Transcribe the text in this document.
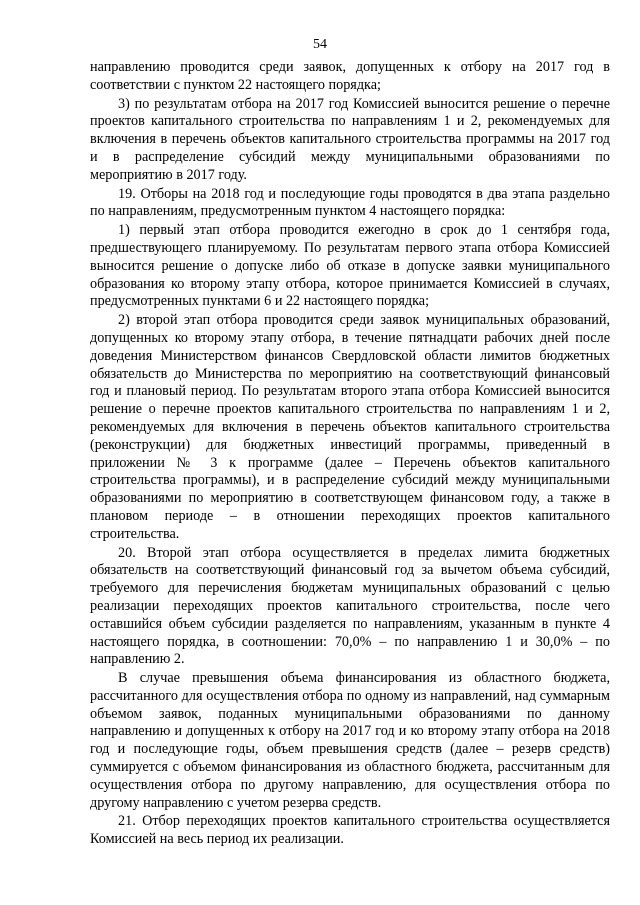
54

направлению проводится среди заявок, допущенных к отбору на 2017 год в соответствии с пунктом 22 настоящего порядка;

3) по результатам отбора на 2017 год Комиссией выносится решение о перечне проектов капитального строительства по направлениям 1 и 2, рекомендуемых для включения в перечень объектов капитального строительства программы на 2017 год и в распределение субсидий между муниципальными образованиями по мероприятию в 2017 году.

19. Отборы на 2018 год и последующие годы проводятся в два этапа раздельно по направлениям, предусмотренным пунктом 4 настоящего порядка:

1) первый этап отбора проводится ежегодно в срок до 1 сентября года, предшествующего планируемому. По результатам первого этапа отбора Комиссией выносится решение о допуске либо об отказе в допуске заявки муниципального образования ко второму этапу отбора, которое принимается Комиссией в случаях, предусмотренных пунктами 6 и 22 настоящего порядка;

2) второй этап отбора проводится среди заявок муниципальных образований, допущенных ко второму этапу отбора, в течение пятнадцати рабочих дней после доведения Министерством финансов Свердловской области лимитов бюджетных обязательств до Министерства по мероприятию на соответствующий финансовый год и плановый период. По результатам второго этапа отбора Комиссией выносится решение о перечне проектов капитального строительства по направлениям 1 и 2, рекомендуемых для включения в перечень объектов капитального строительства (реконструкции) для бюджетных инвестиций программы, приведенный в приложении № 3 к программе (далее – Перечень объектов капитального строительства программы), и в распределение субсидий между муниципальными образованиями по мероприятию в соответствующем финансовом году, а также в плановом периоде – в отношении переходящих проектов капитального строительства.

20. Второй этап отбора осуществляется в пределах лимита бюджетных обязательств на соответствующий финансовый год за вычетом объема субсидий, требуемого для перечисления бюджетам муниципальных образований с целью реализации переходящих проектов капитального строительства, после чего оставшийся объем субсидии разделяется по направлениям, указанным в пункте 4 настоящего порядка, в соотношении: 70,0% – по направлению 1 и 30,0% – по направлению 2.

В случае превышения объема финансирования из областного бюджета, рассчитанного для осуществления отбора по одному из направлений, над суммарным объемом заявок, поданных муниципальными образованиями по данному направлению и допущенных к отбору на 2017 год и ко второму этапу отбора на 2018 год и последующие годы, объем превышения средств (далее – резерв средств) суммируется с объемом финансирования из областного бюджета, рассчитанным для осуществления отбора по другому направлению, для осуществления отбора по другому направлению с учетом резерва средств.

21. Отбор переходящих проектов капитального строительства осуществляется Комиссией на весь период их реализации.
